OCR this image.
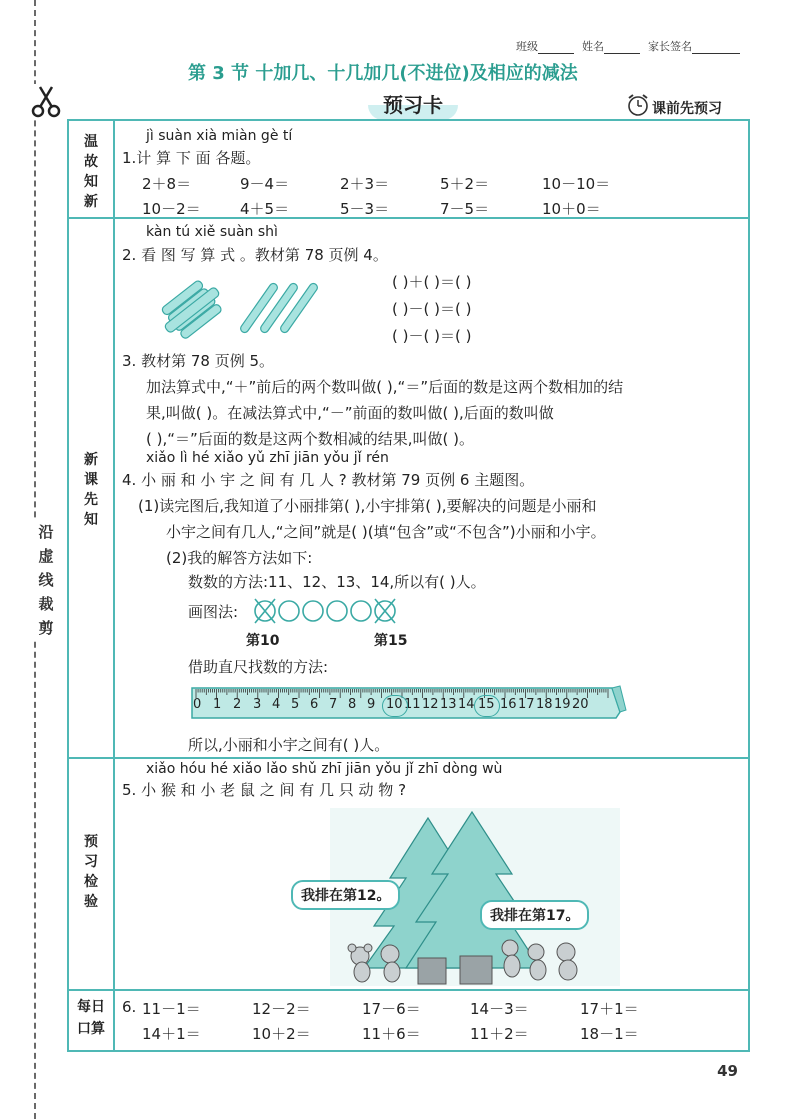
沿
虚
线
裁
剪
班级	姓名	家长签名
第 3 节 十加几、十几加几(不进位)及相应的减法
预习卡	课前先预习
温
故
知
新
新
课
先
知
预
习
检
验
每日
口算
jì suàn xià miàn gè tí
1.计 算 下 面 各题。
2＋8＝	9－4＝	2＋3＝	5＋2＝	10－10＝
10－2＝	4＋5＝	5－3＝	7－5＝	10＋0＝
kàn tú xiě suàn shì
2. 看 图 写 算 式 。教材第 78 页例 4。
( )＋( )＝( )
( )－( )＝( )
( )－( )＝( )
3. 教材第 78 页例 5。
加法算式中,“＋”前后的两个数叫做( ),“＝”后面的数是这两个数相加的结
果,叫做( )。在减法算式中,“－”前面的数叫做( ),后面的数叫做
( ),“＝”后面的数是这两个数相减的结果,叫做( )。
xiǎo lì hé xiǎo yǔ zhī jiān yǒu jǐ rén
4. 小 丽 和 小 宇 之 间 有 几 人 ? 教材第 79 页例 6 主题图。
(1)读完图后,我知道了小丽排第( ),小宇排第( ),要解决的问题是小丽和
小宇之间有几人,“之间”就是( )(填“包含”或“不包含”)小丽和小宇。
(2)我的解答方法如下:
数数的方法:11、12、13、14,所以有( )人。
画图法:
第10	第15
借助直尺找数的方法:
0 1 2 3 4 5 6 7 8 9 10 11 12 13 14 15 16 17 18 19 20
所以,小丽和小宇之间有( )人。
xiǎo hóu hé xiǎo lǎo shǔ zhī jiān yǒu jǐ zhī dòng wù
5. 小 猴 和 小 老 鼠 之 间 有 几 只 动 物 ?
我排在第12。
我排在第17。
6. 11－1＝	12－2＝	17－6＝	14－3＝	17＋1＝
14＋1＝	10＋2＝	11＋6＝	11＋2＝	18－1＝
49
